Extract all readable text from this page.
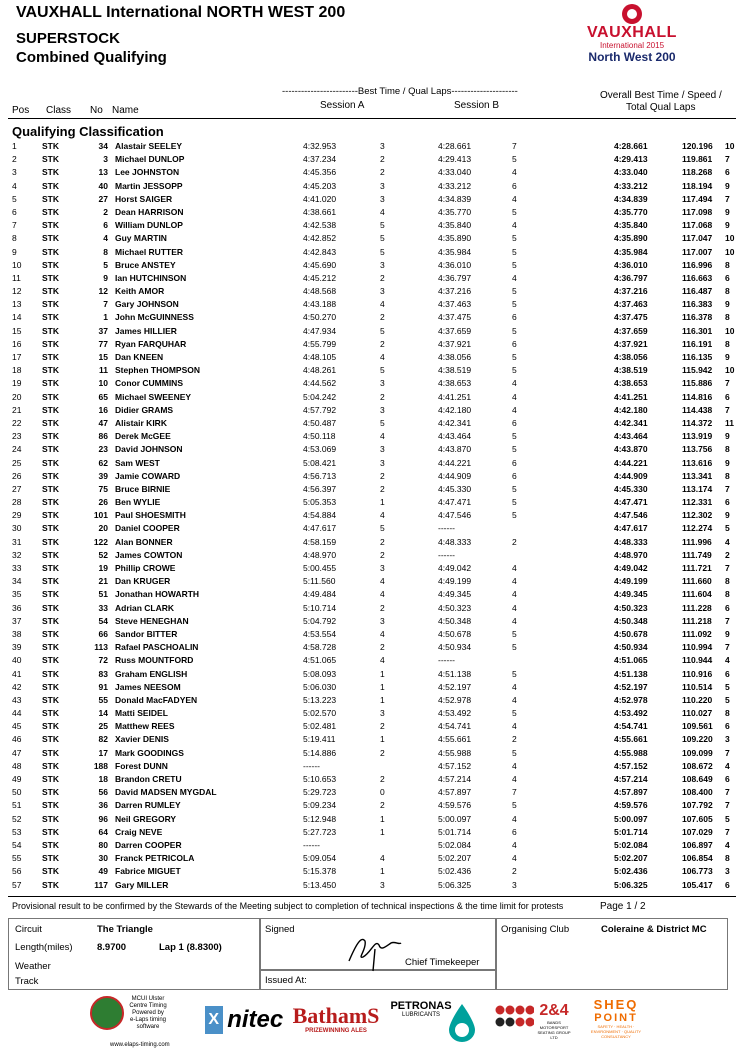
VAUXHALL International NORTH WEST 200
SUPERSTOCK
Combined Qualifying
VAUXHALL
International 2015
North West 200
------------------------Best Time / Qual Laps---------------------
Session A	Session B
Overall Best Time / Speed /
Total Qual Laps
Pos Class No Name
Qualifying Classification
1	STK	34 Alastair SEELEY	4:32.953	3	4:28.661	7	4:28.661	120.196 10
2	STK	3 Michael DUNLOP	4:37.234	2	4:29.413	5	4:29.413	119.861 7
3	STK	13 Lee JOHNSTON	4:45.356	2	4:33.040	4	4:33.040	118.268 6
4	STK	40 Martin JESSOPP	4:45.203	3	4:33.212	6	4:33.212	118.194 9
5	STK	27 Horst SAIGER	4:41.020	3	4:34.839	4	4:34.839	117.494 7
6	STK	2 Dean HARRISON	4:38.661	4	4:35.770	5	4:35.770	117.098 9
7	STK	6 William DUNLOP	4:42.538	5	4:35.840	4	4:35.840	117.068 9
8	STK	4 Guy MARTIN	4:42.852	5	4:35.890	5	4:35.890	117.047 10
9	STK	8 Michael RUTTER	4:42.843	5	4:35.984	5	4:35.984	117.007 10
10 STK	5 Bruce ANSTEY	4:45.690	3	4:36.010	5	4:36.010	116.996 8
11 STK	9 Ian HUTCHINSON	4:45.212	2	4:36.797	4	4:36.797	116.663 6
12 STK	12 Keith AMOR	4:48.568	3	4:37.216	5	4:37.216	116.487 8
13 STK	7 Gary JOHNSON	4:43.188	4	4:37.463	5	4:37.463	116.383 9
14 STK	1 John McGUINNESS	4:50.270	2	4:37.475	6	4:37.475	116.378 8
15 STK	37 James HILLIER	4:47.934	5	4:37.659	5	4:37.659	116.301 10
16 STK	77 Ryan FARQUHAR	4:55.799	2	4:37.921	6	4:37.921	116.191 8
17 STK	15 Dan KNEEN	4:48.105	4	4:38.056	5	4:38.056	116.135 9
18 STK	11 Stephen THOMPSON	4:48.261	5	4:38.519	5	4:38.519	115.942 10
19 STK	10 Conor CUMMINS	4:44.562	3	4:38.653	4	4:38.653	115.886 7
20 STK	65 Michael SWEENEY	5:04.242	2	4:41.251	4	4:41.251	114.816 6
21 STK	16 Didier GRAMS	4:57.792	3	4:42.180	4	4:42.180	114.438 7
22 STK	47 Alistair KIRK	4:50.487	5	4:42.341	6	4:42.341	114.372 11
23 STK	86 Derek McGEE	4:50.118	4	4:43.464	5	4:43.464	113.919 9
24 STK	23 David JOHNSON	4:53.069	3	4:43.870	5	4:43.870	113.756 8
25 STK	62 Sam WEST	5:08.421	3	4:44.221	6	4:44.221	113.616 9
26 STK	39 Jamie COWARD	4:56.713	2	4:44.909	6	4:44.909	113.341 8
27 STK	75 Bruce BIRNIE	4:56.397	2	4:45.330	5	4:45.330	113.174 7
28 STK	26 Ben WYLIE	5:05.353	1	4:47.471	5	4:47.471	112.331 6
29 STK	101 Paul SHOESMITH	4:54.884	4	4:47.546	5	4:47.546	112.302 9
30 STK	20 Daniel COOPER	4:47.617	5	------	4:47.617	112.274 5
31 STK	122 Alan BONNER	4:58.159	2	4:48.333	2	4:48.333	111.996 4
32 STK	52 James COWTON	4:48.970	2	------	4:48.970	111.749 2
33 STK	19 Phillip CROWE	5:00.455	3	4:49.042	4	4:49.042	111.721 7
34 STK	21 Dan KRUGER	5:11.560	4	4:49.199	4	4:49.199	111.660 8
35 STK	51 Jonathan HOWARTH	4:49.484	4	4:49.345	4	4:49.345	111.604 8
36 STK	33 Adrian CLARK	5:10.714	2	4:50.323	4	4:50.323	111.228 6
37 STK	54 Steve HENEGHAN	5:04.792	3	4:50.348	4	4:50.348	111.218 7
38 STK	66 Sandor BITTER	4:53.554	4	4:50.678	5	4:50.678	111.092 9
39 STK	113 Rafael PASCHOALIN	4:58.728	2	4:50.934	5	4:50.934	110.994 7
40 STK	72 Russ MOUNTFORD	4:51.065	4	------	4:51.065	110.944 4
41 STK	83 Graham ENGLISH	5:08.093	1	4:51.138	5	4:51.138	110.916 6
42 STK	91 James NEESOM	5:06.030	1	4:52.197	4	4:52.197	110.514 5
43 STK	55 Donald MacFADYEN	5:13.223	1	4:52.978	4	4:52.978	110.220 5
44 STK	14 Matti SEIDEL	5:02.570	3	4:53.492	5	4:53.492	110.027 8
45 STK	25 Matthew REES	5:02.481	2	4:54.741	4	4:54.741	109.561 6
46 STK	82 Xavier DENIS	5:19.411	1	4:55.661	2	4:55.661	109.220 3
47 STK	17 Mark GOODINGS	5:14.886	2	4:55.988	5	4:55.988	109.099 7
48 STK	188 Forest DUNN	------	4:57.152	4	4:57.152	108.672 4
49 STK	18 Brandon CRETU	5:10.653	2	4:57.214	4	4:57.214	108.649 6
50 STK	56 David MADSEN MYGDAL	5:29.723	0	4:57.897	7	4:57.897	108.400 7
51 STK	36 Darren RUMLEY	5:09.234	2	4:59.576	5	4:59.576	107.792 7
52 STK	96 Neil GREGORY	5:12.948	1	5:00.097	4	5:00.097	107.605 5
53 STK	64 Craig NEVE	5:27.723	1	5:01.714	6	5:01.714	107.029 7
54 STK	80 Darren COOPER	------	5:02.084	4	5:02.084	106.897 4
55 STK	30 Franck PETRICOLA	5:09.054	4	5:02.207	4	5:02.207	106.854 8
56 STK	49 Fabrice MIGUET	5:15.378	1	5:02.436	2	5:02.436	106.773 3
57 STK	117 Gary MILLER	5:13.450	3	5:06.325	3	5:06.325	105.417 6
Provisional result to be confirmed by the Stewards of the Meeting subject to completion of technical inspections & the time limit for protests	Page 1 / 2
Circuit	The Triangle
Length(miles)	8.9700	Lap 1 (8.8300)
Weather
Track
Signed
Chief Timekeeper
Issued At:
Organising Club	Coleraine & District MC
MCUI Ulster
Centre Timing
Powered by
e-Laps timing software
www.elaps-timing.com
X nitec BathamS
PRIZEWINNING ALES
PETRONAS
LUBRICANTS	2&4
BANDS MOTORSPORT SEATING GROUP LTD
SHEQ
POINT
SAFETY · HEALTH · ENVIRONMENT · QUALITY CONSULTANCY
